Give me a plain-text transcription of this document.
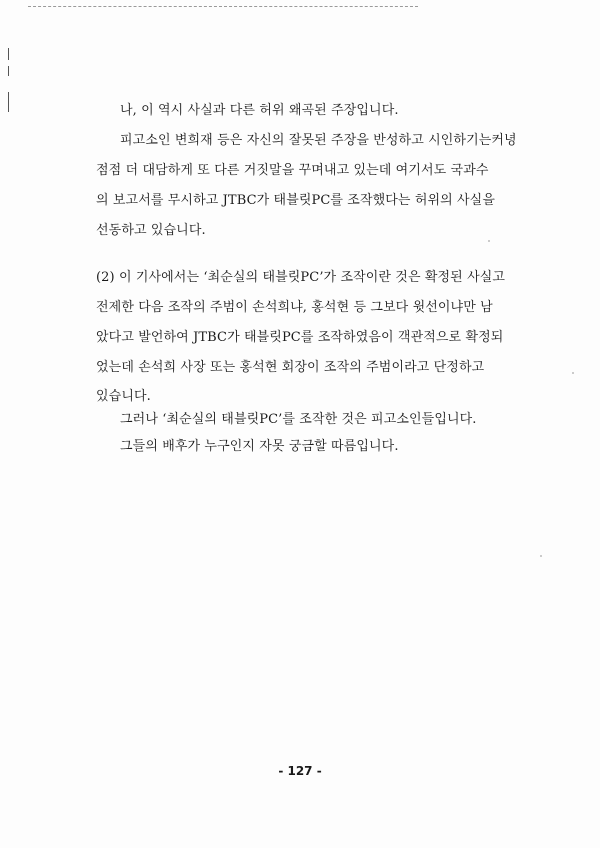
나, 이 역시 사실과 다른 허위 왜곡된 주장입니다.
피고소인 변희재 등은 자신의 잘못된 주장을 반성하고 시인하기는커녕
점점 더 대담하게 또 다른 거짓말을 꾸며내고 있는데 여기서도 국과수
의 보고서를 무시하고 JTBC가 태블릿PC를 조작했다는 허위의 사실을
선동하고 있습니다.
(2) 이 기사에서는 ‘최순실의 태블릿PC’가 조작이란 것은 확정된 사실고
전제한 다음 조작의 주범이 손석희냐, 홍석현 등 그보다 윗선이냐만 남
았다고 발언하여 JTBC가 태블릿PC를 조작하였음이 객관적으로 확정되
었는데 손석희 사장 또는 홍석현 회장이 조작의 주범이라고 단정하고
있습니다.
그러나 ‘최순실의 태블릿PC’를 조작한 것은 피고소인들입니다.
그들의 배후가 누구인지 자못 궁금할 따름입니다.
- 127 -
